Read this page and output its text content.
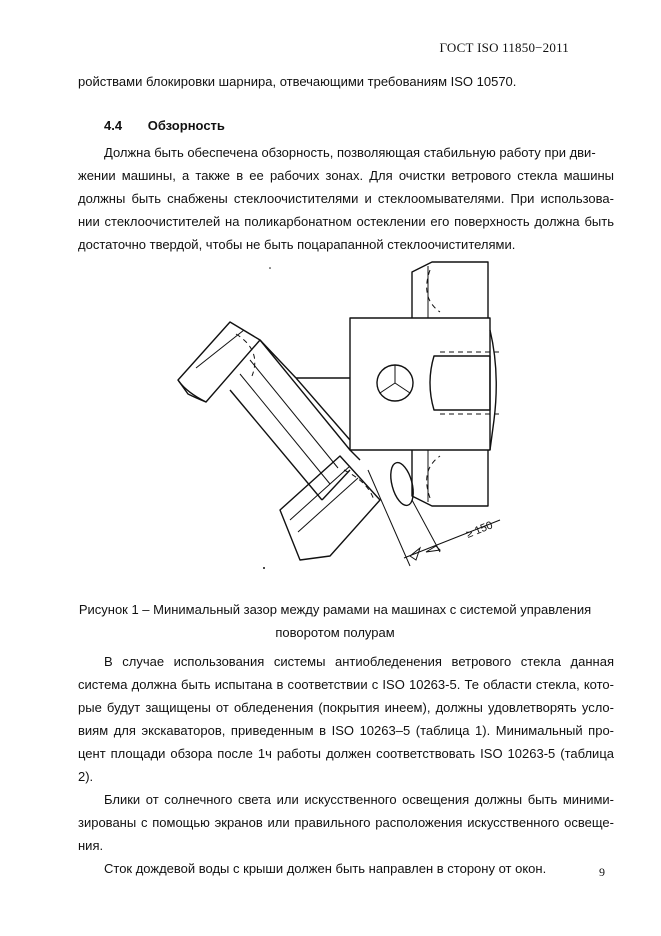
ГОСТ ISO 11850−2011
ройствами блокировки шарнира, отвечающими требованиям ISO 10570.
4.4 Обзорность
Должна быть обеспечена обзорность, позволяющая стабильную работу при дви-
жении машины, а также в ее рабочих зонах. Для очистки ветрового стекла машины
должны быть снабжены стеклоочистителями и стеклоомывателями. При использова-
нии стеклоочистителей на поликарбонатном остеклении его поверхность должна быть
достаточно твердой, чтобы не быть поцарапанной стеклоочистителями.
≥ 150
Рисунок 1 – Минимальный зазор между рамами на машинах с системой управления
поворотом полурам
В случае использования системы антиобледенения ветрового стекла данная
система должна быть испытана в соответствии с ISO 10263-5. Те области стекла, кото-
рые будут защищены от обледенения (покрытия инеем), должны удовлетворять усло-
виям для экскаваторов, приведенным в ISO 10263–5 (таблица 1). Минимальный про-
цент площади обзора после 1ч работы должен соответствовать ISO 10263-5 (таблица
2).
Блики от солнечного света или искусственного освещения должны быть миними-
зированы с помощью экранов или правильного расположения искусственного освеще-
ния.
Сток дождевой воды с крыши должен быть направлен в сторону от окон.	9
